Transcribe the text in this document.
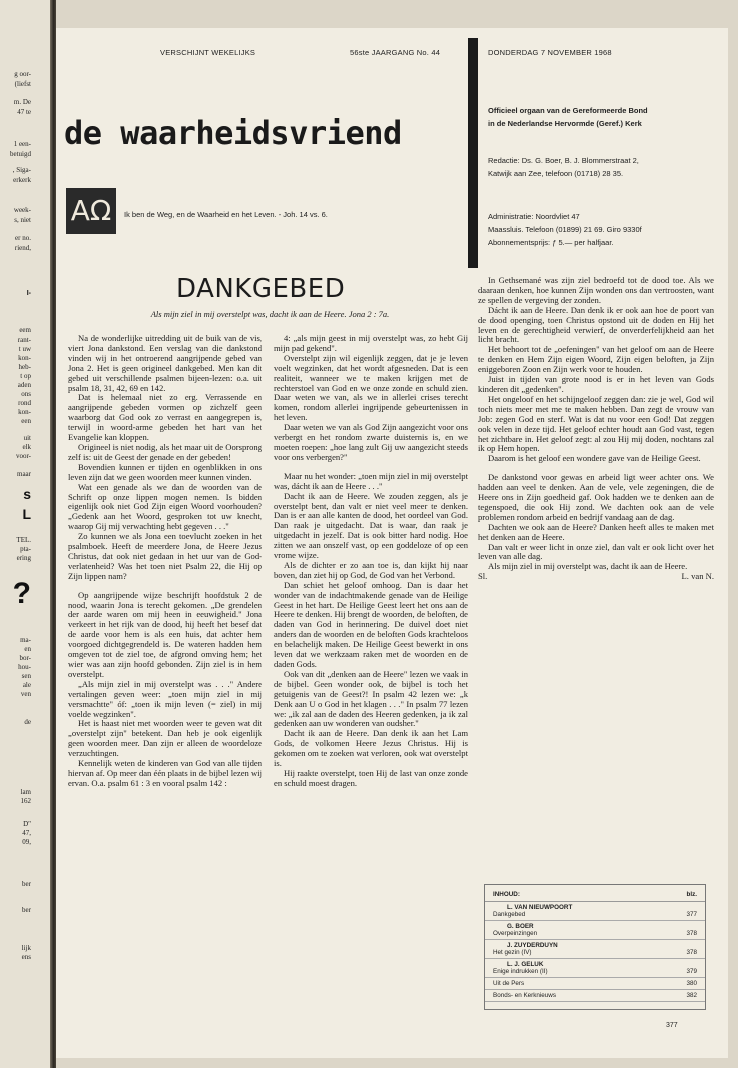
g oor-
(liefst
m. De
47 te
1 een-
betuigd
, Siga-
erkerk
week-
s, niet
er no.
riend,
I-
eem
rant-
t uw
kon-
heb-
t op
aden
ons
rond
kon-
een
uit
elk
voor-
maar
s
L
TEL.
pta-
ering
?
ma-
en
bor-
hou-
sen
ale
ven
de
lam
162
D"
47,
09,
ber
ber
lijk
ens
VERSCHIJNT WEKELIJKS	56ste JAARGANG No. 44	DONDERDAG 7 NOVEMBER 1968
de waarheidsvriend
AΩ	Ik ben de Weg, en de Waarheid en het Leven. - Joh. 14 vs. 6.
Officieel orgaan van de Gereformeerde Bond
in de Nederlandse Hervormde (Geref.) Kerk
Redactie: Ds. G. Boer, B. J. Blommerstraat 2,
Katwijk aan Zee, telefoon (01718) 28 35.
Administratie: Noordvliet 47
Maassluis. Telefoon (01899) 21 69. Giro 9330f
Abonnementsprijs: ƒ 5.— per halfjaar.
DANKGEBED
Als mijn ziel in mij overstelpt was, dacht ik aan de Heere. Jona 2 : 7a.

Na de wonderlijke uitredding uit de buik van de vis, viert Jona dankstond. Een verslag van die dankstond vinden wij in het ontroerend aangrijpende gebed van Jona 2. Het is geen origineel dankgebed. Men kan dit gebed uit verschillende psalmen bijeen-lezen: o.a. uit psalm 18, 31, 42, 69 en 142.

Dat is helemaal niet zo erg. Verrassende en aangrijpende gebeden vormen op zichzelf geen waarborg dat God ook zo verrast en aangegrepen is, terwijl in woord-arme gebeden het hart van het Evangelie kan kloppen.

Origineel is niet nodig, als het maar uit de Oorsprong zelf is: uit de Geest der genade en der gebeden!

Bovendien kunnen er tijden en ogenblikken in ons leven zijn dat we geen woorden meer kunnen vinden.

Wat een genade als we dan de woorden van de Schrift op onze lippen mogen nemen. Is bidden eigenlijk ook niet God Zijn eigen Woord voorhouden? „Gedenk aan het Woord, gesproken tot uw knecht, waarop Gij mij verwachting hebt gegeven . . ."

Zo kunnen we als Jona een toevlucht zoeken in het psalmboek. Heeft de meerdere Jona, de Heere Jezus Christus, dat ook niet gedaan in het uur van de God-verlatenheid? Was het toen niet Psalm 22, die Hij op Zijn lippen nam?

Op aangrijpende wijze beschrijft hoofdstuk 2 de nood, waarin Jona is terecht gekomen. „De grendelen der aarde waren om mij heen in eeuwigheid." Jona verkeert in het rijk van de dood, hij heeft het besef dat de aarde voor hem is als een huis, dat achter hem voorgoed dichtgegrendeld is. De wateren hadden hem omgeven tot de ziel toe, de afgrond omving hem; het wier was aan zijn hoofd gebonden. Zijn ziel is in hem overstelpt.

„Als mijn ziel in mij overstelpt was . . ." Andere vertalingen geven weer: „toen mijn ziel in mij versmachtte" óf: „toen ik mijn leven (= ziel) in mij voelde wegzinken".

Het is haast niet met woorden weer te geven wat dit „overstelpt zijn" betekent. Dan heb je ook eigenlijk geen woorden meer. Dan zijn er alleen de woordeloze verzuchtingen.

Kennelijk weten de kinderen van God van alle tijden hiervan af. Op meer dan één plaats in de bijbel lezen wij ervan. O.a. psalm 61 : 3 en vooral psalm 142 :

4: „als mijn geest in mij overstelpt was, zo hebt Gij mijn pad gekend".

Overstelpt zijn wil eigenlijk zeggen, dat je je leven voelt wegzinken, dat het wordt afgesneden. Dat is een realiteit, wanneer we te maken krijgen met de rechterstoel van God en we onze zonde en schuld zien. Daar weten we van, als we in allerlei crises terecht komen, rondom allerlei ingrijpende gebeurtenissen in het leven.

Daar weten we van als God Zijn aangezicht voor ons verbergt en het rondom zwarte duisternis is, en we moeten roepen: „hoe lang zult Gij uw aangezicht steeds voor ons verbergen?"

Maar nu het wonder: „toen mijn ziel in mij overstelpt was, dácht ik aan de Heere . . ."

Dacht ik aan de Heere. We zouden zeggen, als je overstelpt bent, dan valt er niet veel meer te denken. Dan is er aan alle kanten de dood, het oordeel van God. Dan raak je uitgedacht. Dat is waar, dan raak je uitgedacht in jezelf. Dat is ook bitter hard nodig. Hoe zitten we aan onszelf vast, op een goddeloze of op een vrome wijze.

Als de dichter er zo aan toe is, dan kijkt hij naar boven, dan ziet hij op God, de God van het Verbond.

Dan schiet het geloof omhoog. Dan is daar het wonder van de indachtmakende genade van de Heilige Geest in het hart. De Heilige Geest leert het ons aan de Heere te denken. Hij brengt de woorden, de beloften, de daden van God in herinnering. De duivel doet niet anders dan de woorden en de beloften Gods krachteloos en belachelijk maken. De Heilige Geest bewerkt in ons leven dat we werkzaam raken met de woorden en de daden Gods.

Ook van dit „denken aan de Heere" lezen we vaak in de bijbel. Geen wonder ook, de bijbel is toch het getuigenis van de Geest?! In psalm 42 lezen we: „k Denk aan U o God in het klagen . . ." In psalm 77 lezen we: „ik zal aan de daden des Heeren gedenken, ja ik zal gedenken aan uw wonderen van oudsher."

Dacht ik aan de Heere. Dan denk ik aan het Lam Gods, de volkomen Heere Jezus Christus. Hij is gekomen om te zoeken wat verloren, ook wat overstelpt is.

Hij raakte overstelpt, toen Hij de last van onze zonde en schuld moest dragen.

In Gethsemané was zijn ziel bedroefd tot de dood toe. Als we daaraan denken, hoe kunnen Zijn wonden ons dan vertroosten, want ze spellen de vergeving der zonden.

Dácht ik aan de Heere. Dan denk ik er ook aan hoe de poort van de dood openging, toen Christus opstond uit de doden en Hij het leven en de gerechtigheid verwierf, de onverderfelijkheid aan het licht bracht.

Het behoort tot de „oefeningen" van het geloof om aan de Heere te denken en Hem Zijn eigen Woord, Zijn eigen beloften, ja Zijn eniggeboren Zoon en Zijn werk voor te houden.

Juist in tijden van grote nood is er in het leven van Gods kinderen dit „gedenken".

Het ongeloof en het schijngeloof zeggen dan: zie je wel, God wil toch niets meer met me te maken hebben. Dan zegt de vrouw van Job: zegen God en sterf. Wat is dat nu voor een God! Dat zeggen ook velen in deze tijd. Het geloof echter houdt aan God vast, tegen het zichtbare in. Het geloof zegt: al zou Hij mij doden, nochtans zal ik op Hem hopen.

Daarom is het geloof een wondere gave van de Heilige Geest.

De dankstond voor gewas en arbeid ligt weer achter ons. We hadden aan veel te denken. Aan de vele, vele zegeningen, die de Heere ons in Zijn goedheid gaf. Ook hadden we te denken aan de tegenspoed, die ook Hij zond. We dachten ook aan de vele problemen rondom arbeid en bedrijf vandaag aan de dag.

Dachten we ook aan de Heere? Danken heeft alles te maken met het denken aan de Heere.

Dan valt er weer licht in onze ziel, dan valt er ook licht over het leven van alle dag.

Als mijn ziel in mij overstelpt was, dacht ik aan de Heere.

Sl.	L. van N.

INHOUD:	blz.
L. VAN NIEUWPOORT
Dankgebed	377
G. BOER
Overpeinzingen	378
J. ZUYDERDUYN
Het gezin (IV)	378
L. J. GELUK
Enige indrukken (II)	379
Uit de Pers	380
Bonds- en Kerknieuws	382
377
